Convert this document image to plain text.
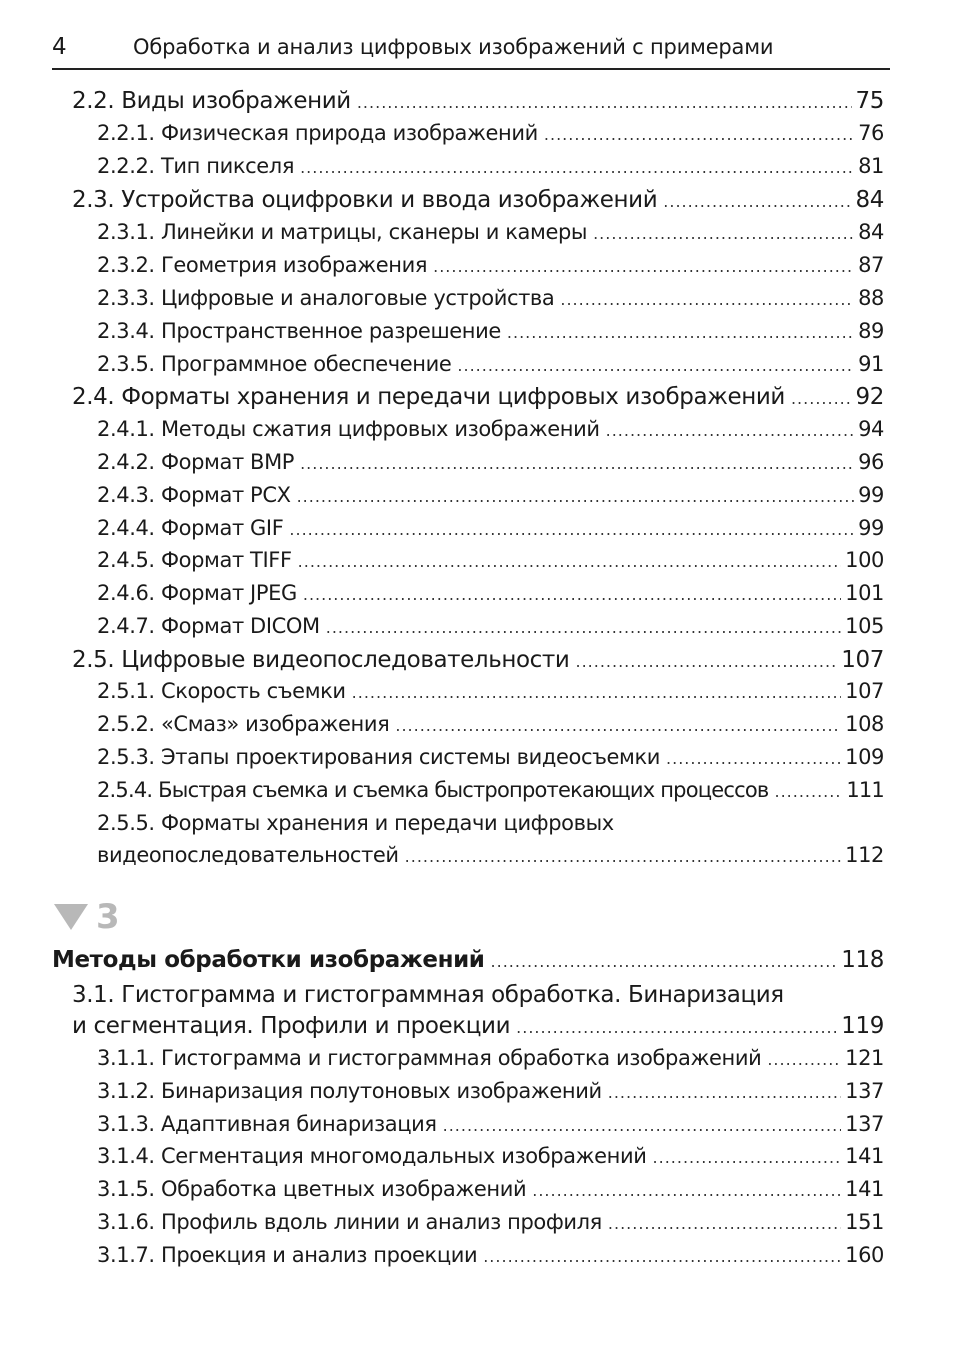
4	Обработка и анализ цифровых изображений с примерами
2.2. Виды изображений .....	75
2.2.1. Физическая природа изображений .....	76
2.2.2. Тип пикселя .....	81
2.3. Устройства оцифровки и ввода изображений .....	84
2.3.1. Линейки и матрицы, сканеры и камеры .....	84
2.3.2. Геометрия изображения .....	87
2.3.3. Цифровые и аналоговые устройства .....	88
2.3.4. Пространственное разрешение .....	89
2.3.5. Программное обеспечение .....	91
2.4. Форматы хранения и передачи цифровых изображений .....	92
2.4.1. Методы сжатия цифровых изображений .....	94
2.4.2. Формат BMP .....	96
2.4.3. Формат PCX .....	99
2.4.4. Формат GIF .....	99
2.4.5. Формат TIFF .....	100
2.4.6. Формат JPEG .....	101
2.4.7. Формат DICOM .....	105
2.5. Цифровые видеопоследовательности .....	107
2.5.1. Скорость съемки .....	107
2.5.2. «Смаз» изображения .....	108
2.5.3. Этапы проектирования системы видеосъемки .....	109
2.5.4. Быстрая съемка и съемка быстропротекающих процессов .....	111
2.5.5. Форматы хранения и передачи цифровых
видеопоследовательностей .....	112
3
Методы обработки изображений .....	118
3.1. Гистограмма и гистограммная обработка. Бинаризация
и сегментация. Профили и проекции .....	119
3.1.1. Гистограмма и гистограммная обработка изображений .....	121
3.1.2. Бинаризация полутоновых изображений .....	137
3.1.3. Адаптивная бинаризация .....	137
3.1.4. Сегментация многомодальных изображений .....	141
3.1.5. Обработка цветных изображений .....	141
3.1.6. Профиль вдоль линии и анализ профиля .....	151
3.1.7. Проекция и анализ проекции .....	160
